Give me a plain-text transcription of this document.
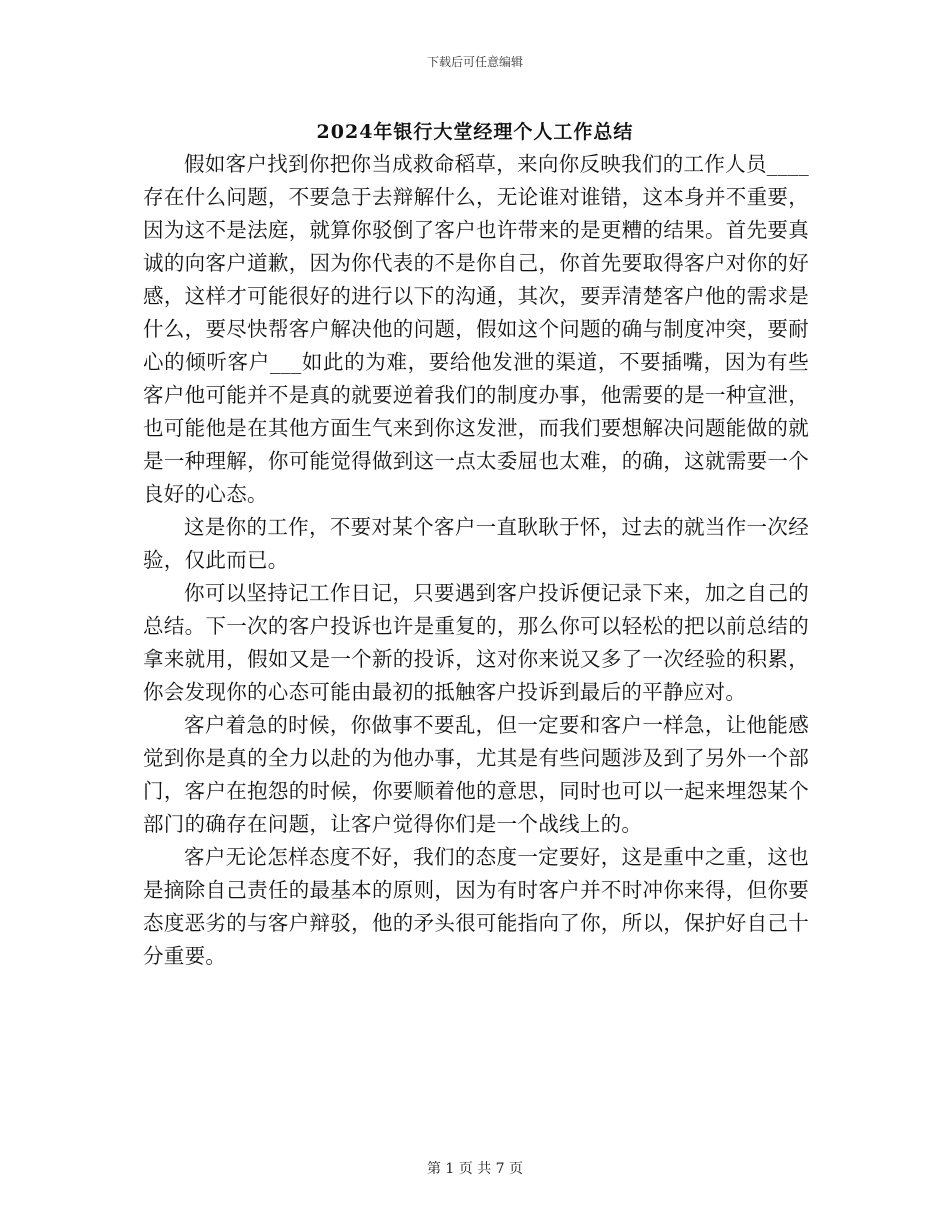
下载后可任意编辑
2024年银行大堂经理个人工作总结

假如客户找到你把你当成救命稻草，来向你反映我们的工作人员____存在什么问题，不要急于去辩解什么，无论谁对谁错，这本身并不重要，因为这不是法庭，就算你驳倒了客户也许带来的是更糟的结果。首先要真诚的向客户道歉，因为你代表的不是你自己，你首先要取得客户对你的好感，这样才可能很好的进行以下的沟通，其次，要弄清楚客户他的需求是什么，要尽快帮客户解决他的问题，假如这个问题的确与制度冲突，要耐心的倾听客户___如此的为难，要给他发泄的渠道，不要插嘴，因为有些客户他可能并不是真的就要逆着我们的制度办事，他需要的是一种宣泄，也可能他是在其他方面生气来到你这发泄，而我们要想解决问题能做的就是一种理解，你可能觉得做到这一点太委屈也太难，的确，这就需要一个良好的心态。

这是你的工作，不要对某个客户一直耿耿于怀，过去的就当作一次经验，仅此而已。

你可以坚持记工作日记，只要遇到客户投诉便记录下来，加之自己的总结。下一次的客户投诉也许是重复的，那么你可以轻松的把以前总结的拿来就用，假如又是一个新的投诉，这对你来说又多了一次经验的积累，你会发现你的心态可能由最初的抵触客户投诉到最后的平静应对。

客户着急的时候，你做事不要乱，但一定要和客户一样急，让他能感觉到你是真的全力以赴的为他办事，尤其是有些问题涉及到了另外一个部门，客户在抱怨的时候，你要顺着他的意思，同时也可以一起来埋怨某个部门的确存在问题，让客户觉得你们是一个战线上的。

客户无论怎样态度不好，我们的态度一定要好，这是重中之重，这也是摘除自己责任的最基本的原则，因为有时客户并不时冲你来得，但你要态度恶劣的与客户辩驳，他的矛头很可能指向了你，所以，保护好自己十分重要。

第 1 页 共 7 页
